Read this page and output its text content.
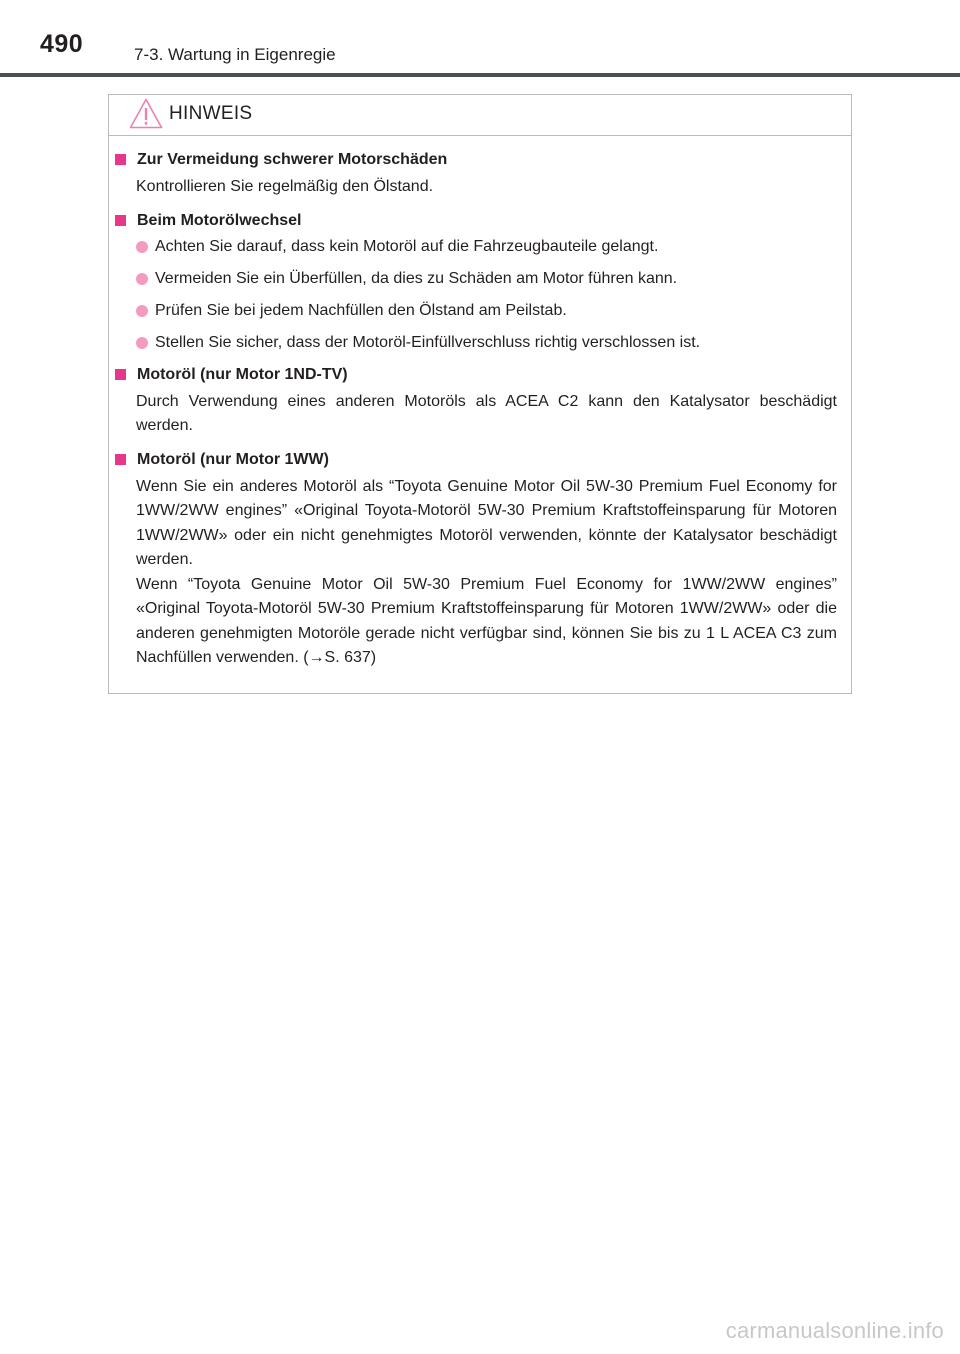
490	7-3. Wartung in Eigenregie
HINWEIS
Zur Vermeidung schwerer Motorschäden

Kontrollieren Sie regelmäßig den Ölstand.

Beim Motorölwechsel
Achten Sie darauf, dass kein Motoröl auf die Fahrzeugbauteile gelangt.
Vermeiden Sie ein Überfüllen, da dies zu Schäden am Motor führen kann.
Prüfen Sie bei jedem Nachfüllen den Ölstand am Peilstab.
Stellen Sie sicher, dass der Motoröl-Einfüllverschluss richtig verschlossen ist.
Motoröl (nur Motor 1ND-TV)

Durch Verwendung eines anderen Motoröls als ACEA C2 kann den Katalysator beschädigt werden.

Motoröl (nur Motor 1WW)

Wenn Sie ein anderes Motoröl als “Toyota Genuine Motor Oil 5W-30 Premium Fuel Economy for 1WW/2WW engines” «Original Toyota-Motoröl 5W-30 Premium Kraftstoffeinsparung für Motoren 1WW/2WW» oder ein nicht genehmigtes Motoröl verwenden, könnte der Katalysator beschädigt werden.

Wenn “Toyota Genuine Motor Oil 5W-30 Premium Fuel Economy for 1WW/2WW engines” «Original Toyota-Motoröl 5W-30 Premium Kraftstoffeinsparung für Motoren 1WW/2WW» oder die anderen genehmigten Motoröle gerade nicht verfügbar sind, können Sie bis zu 1 L ACEA C3 zum Nachfüllen verwenden. (→S. 637)

carmanualsonline.info
